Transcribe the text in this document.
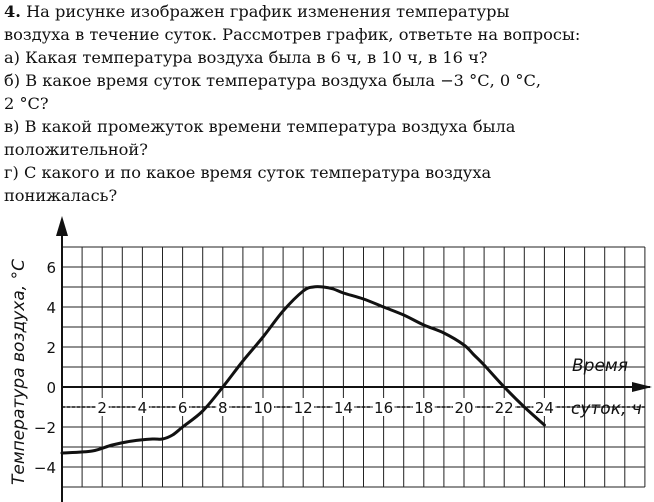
4. На рисунке изображен график изменения температуры
воздуха в течение суток. Рассмотрев график, ответьте на вопросы:
а) Какая температура воздуха была в 6 ч, в 10 ч, в 16 ч?
б) В какое время суток температура воздуха была −3 °С, 0 °С,
2 °С?
в) В какой промежуток времени температура воздуха была
положительной?
г) С какого и по какое время суток температура воздуха
понижалась?
2 4 6 8 10 12 14 16 18 20 22 24
6
4
2
0
−2
−4
Температура воздуха, °С	Время
суток, ч
